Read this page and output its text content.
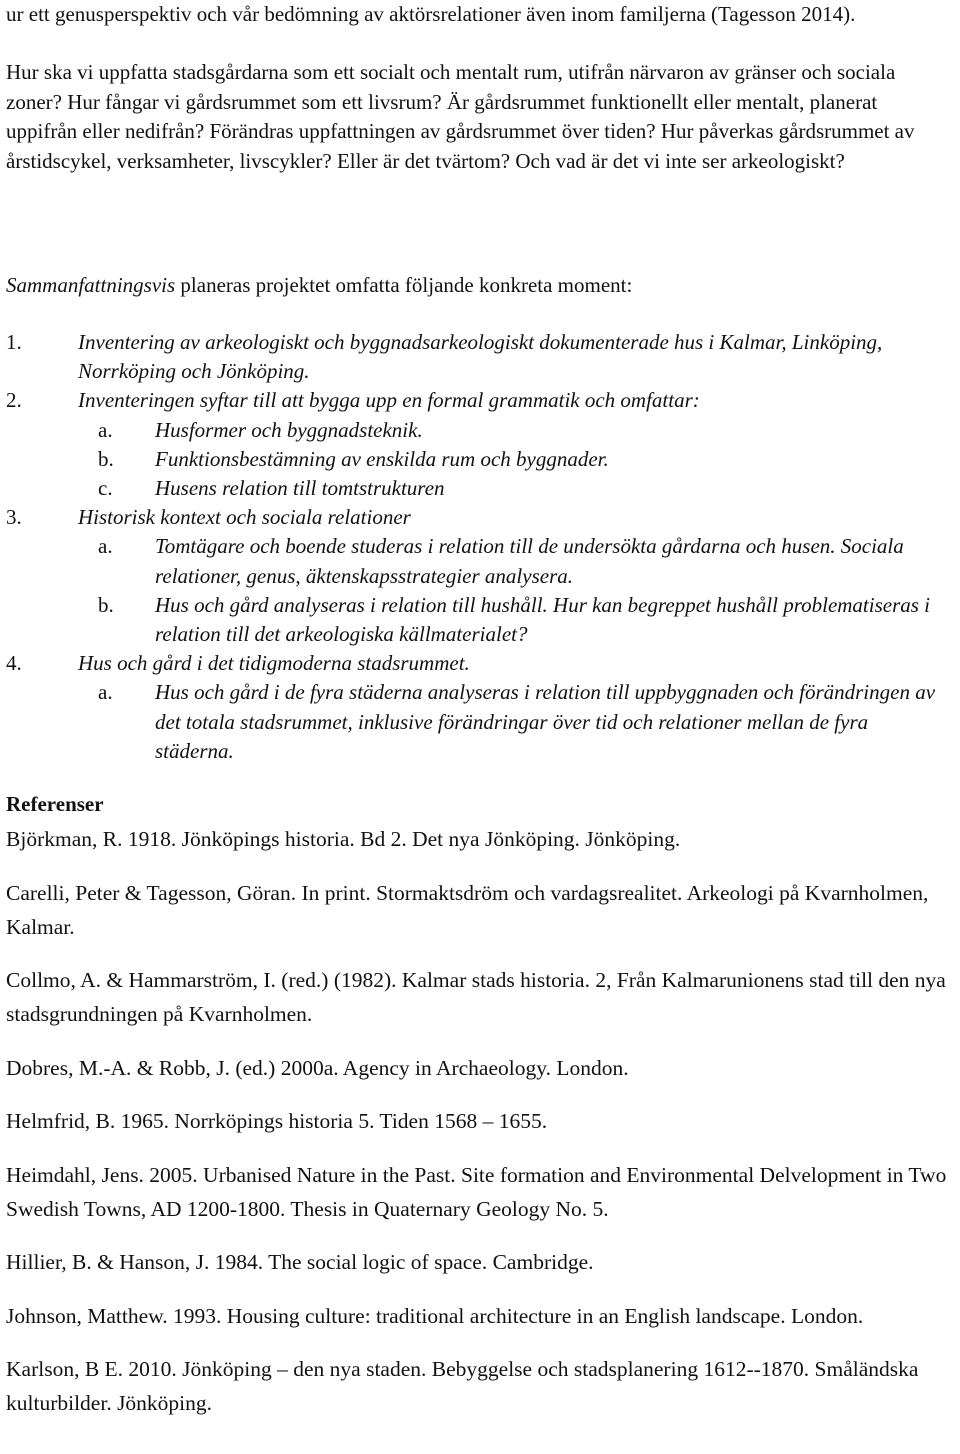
ur ett genusperspektiv och vår bedömning av aktörsrelationer även inom familjerna (Tagesson 2014).

Hur ska vi uppfatta stadsgårdarna som ett socialt och mentalt rum, utifrån närvaron av gränser och sociala zoner? Hur fångar vi gårdsrummet som ett livsrum? Är gårdsrummet funktionellt eller mentalt, planerat uppifrån eller nedifrån? Förändras uppfattningen av gårdsrummet över tiden? Hur påverkas gårdsrummet av årstidscykel, verksamheter, livscykler? Eller är det tvärtom? Och vad är det vi inte ser arkeologiskt?

Sammanfattningsvis planeras projektet omfatta följande konkreta moment:

1.	Inventering av arkeologiskt och byggnadsarkeologiskt dokumenterade hus i Kalmar, Linköping, Norrköping och Jönköping.
2.	Inventeringen syftar till att bygga upp en formal grammatik och omfattar:
a. Husformer och byggnadsteknik.
b. Funktionsbestämning av enskilda rum och byggnader.
c. Husens relation till tomtstrukturen
3.	Historisk kontext och sociala relationer
a. Tomtägare och boende studeras i relation till de undersökta gårdarna och husen. Sociala relationer, genus, äktenskapsstrategier analysera.
b. Hus och gård analyseras i relation till hushåll. Hur kan begreppet hushåll problematiseras i relation till det arkeologiska källmaterialet?
4.	Hus och gård i det tidigmoderna stadsrummet.
a. Hus och gård i de fyra städerna analyseras i relation till uppbyggnaden och förändringen av det totala stadsrummet, inklusive förändringar över tid och relationer mellan de fyra städerna.
Referenser
Björkman, R. 1918. Jönköpings historia. Bd 2. Det nya Jönköping. Jönköping.
Carelli, Peter & Tagesson, Göran. In print. Stormaktsdröm och vardagsrealitet. Arkeologi på Kvarnholmen, Kalmar.
Collmo, A. & Hammarström, I. (red.) (1982). Kalmar stads historia. 2, Från Kalmarunionens stad till den nya stadsgrundningen på Kvarnholmen.
Dobres, M.-A. & Robb, J. (ed.) 2000a. Agency in Archaeology. London.
Helmfrid, B. 1965. Norrköpings historia 5. Tiden 1568 – 1655.
Heimdahl, Jens. 2005. Urbanised Nature in the Past. Site formation and Environmental Delvelopment in Two Swedish Towns, AD 1200-1800. Thesis in Quaternary Geology No. 5.
Hillier, B. & Hanson, J. 1984. The social logic of space. Cambridge.
Johnson, Matthew. 1993. Housing culture: traditional architecture in an English landscape. London.
Karlson, B E. 2010. Jönköping – den nya staden. Bebyggelse och stadsplanering 1612--1870. Småländska kulturbilder. Jönköping.
